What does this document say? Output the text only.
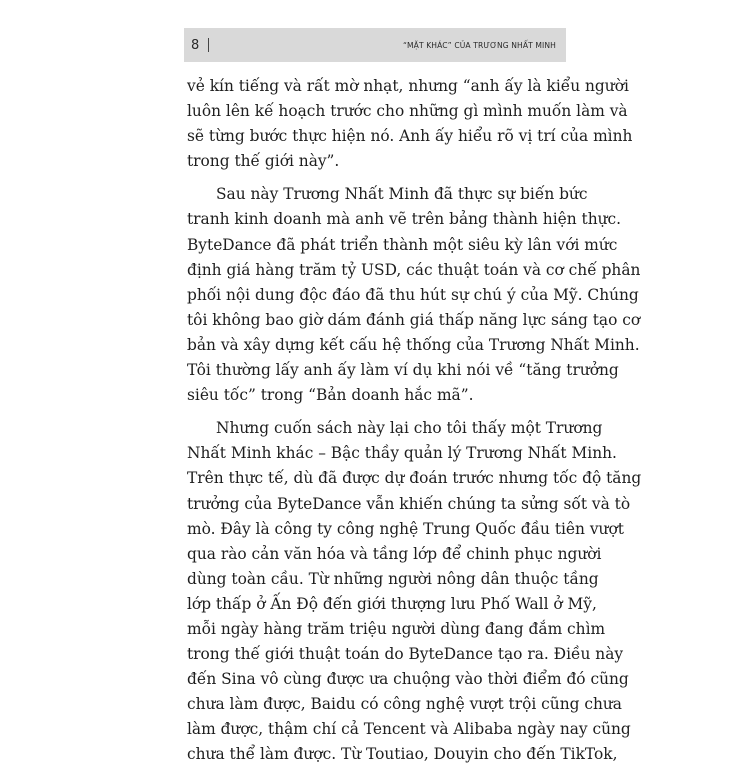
8	“MẶT KHÁC” CỦA TRƯƠNG NHẤT MINH
vẻ kín tiếng và rất mờ nhạt, nhưng “anh ấy là kiểu người
luôn lên kế hoạch trước cho những gì mình muốn làm và
sẽ từng bước thực hiện nó. Anh ấy hiểu rõ vị trí của mình
trong thế giới này”.
Sau này Trương Nhất Minh đã thực sự biến bức
tranh kinh doanh mà anh vẽ trên bảng thành hiện thực.
ByteDance đã phát triển thành một siêu kỳ lân với mức
định giá hàng trăm tỷ USD, các thuật toán và cơ chế phân
phối nội dung độc đáo đã thu hút sự chú ý của Mỹ. Chúng
tôi không bao giờ dám đánh giá thấp năng lực sáng tạo cơ
bản và xây dựng kết cấu hệ thống của Trương Nhất Minh.
Tôi thường lấy anh ấy làm ví dụ khi nói về “tăng trưởng
siêu tốc” trong “Bản doanh hắc mã”.
Nhưng cuốn sách này lại cho tôi thấy một Trương
Nhất Minh khác – Bậc thầy quản lý Trương Nhất Minh.
Trên thực tế, dù đã được dự đoán trước nhưng tốc độ tăng
trưởng của ByteDance vẫn khiến chúng ta sửng sốt và tò
mò. Đây là công ty công nghệ Trung Quốc đầu tiên vượt
qua rào cản văn hóa và tầng lớp để chinh phục người
dùng toàn cầu. Từ những người nông dân thuộc tầng
lớp thấp ở Ấn Độ đến giới thượng lưu Phố Wall ở Mỹ,
mỗi ngày hàng trăm triệu người dùng đang đắm chìm
trong thế giới thuật toán do ByteDance tạo ra. Điều này
đến Sina vô cùng được ưa chuộng vào thời điểm đó cũng
chưa làm được, Baidu có công nghệ vượt trội cũng chưa
làm được, thậm chí cả Tencent và Alibaba ngày nay cũng
chưa thể làm được. Từ Toutiao, Douyin cho đến TikTok,
